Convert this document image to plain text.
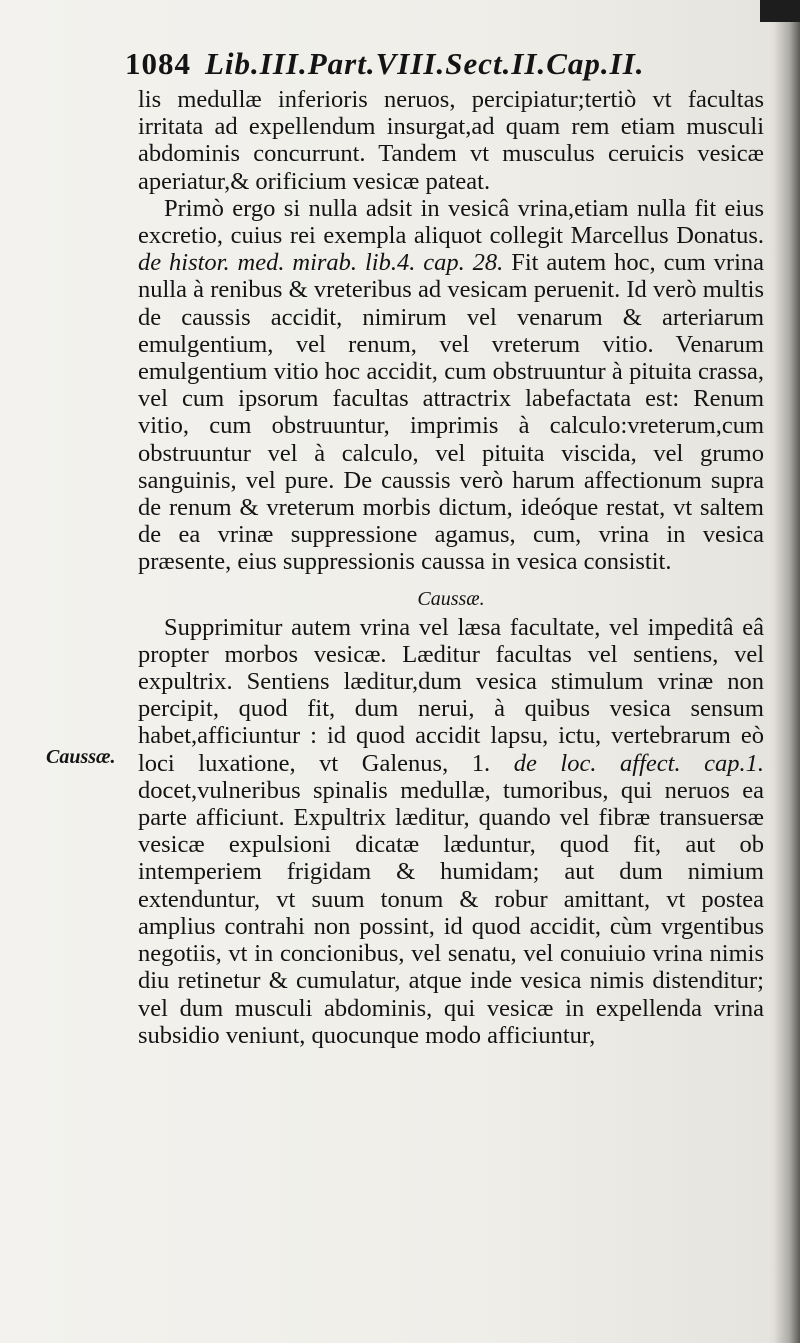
1084 Lib.III.Part.VIII.Sect.II.Cap.II.
Caussæ.

lis medullæ inferioris neruos, percipiatur;tertiò vt facultas irritata ad expellendum insurgat,ad quam rem etiam musculi abdominis concurrunt. Tandem vt musculus ceruicis vesicæ aperiatur,& orificium vesicæ pateat.

Primò ergo si nulla adsit in vesicâ vrina,etiam nulla fit eius excretio, cuius rei exempla aliquot collegit Marcellus Donatus. de histor. med. mirab. lib.4. cap. 28. Fit autem hoc, cum vrina nulla à renibus & vreteribus ad vesicam peruenit. Id verò multis de caussis accidit, nimirum vel venarum & arteriarum emulgentium, vel renum, vel vreterum vitio. Venarum emulgentium vitio hoc accidit, cum obstruuntur à pituita crassa, vel cum ipsorum facultas attractrix labefactata est: Renum vitio, cum obstruuntur, imprimis à calculo:vreterum,cum obstruuntur vel à calculo, vel pituita viscida, vel grumo sanguinis, vel pure. De caussis verò harum affectionum supra de renum & vreterum morbis dictum, ideóque restat, vt saltem de ea vrinæ suppressione agamus, cum, vrina in vesica præsente, eius suppressionis caussa in vesica consistit.

Caussæ.

Supprimitur autem vrina vel læsa facultate, vel impeditâ eâ propter morbos vesicæ. Læditur facultas vel sentiens, vel expultrix. Sentiens læditur,dum vesica stimulum vrinæ non percipit, quod fit, dum nerui, à quibus vesica sensum habet,afficiuntur : id quod accidit lapsu, ictu, vertebrarum eò loci luxatione, vt Galenus, 1. de loc. affect. cap.1. docet,vulneribus spinalis medullæ, tumoribus, qui neruos ea parte afficiunt. Expultrix læditur, quando vel fibræ transuersæ vesicæ expulsioni dicatæ læduntur, quod fit, aut ob intemperiem frigidam & humidam; aut dum nimium extenduntur, vt suum tonum & robur amittant, vt postea amplius contrahi non possint, id quod accidit, cùm vrgentibus negotiis, vt in concionibus, vel senatu, vel conuiuio vrina nimis diu retinetur & cumulatur, atque inde vesica nimis distenditur; vel dum musculi abdominis, qui vesicæ in expellenda vrina subsidio veniunt, quocunque modo afficiuntur,
